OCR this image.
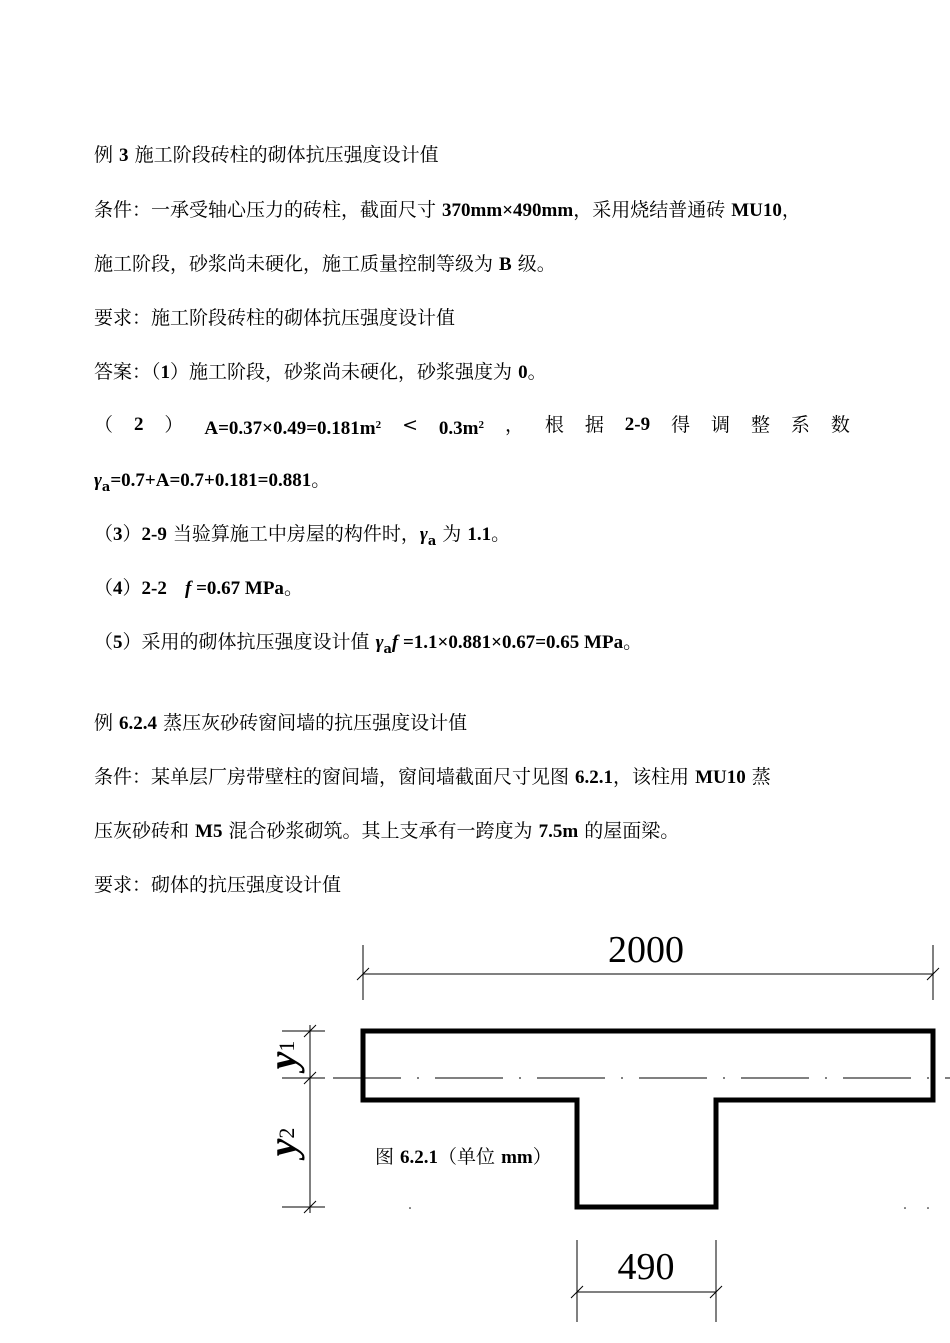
例 3 施工阶段砖柱的砌体抗压强度设计值
条件：一承受轴心压力的砖柱，截面尺寸 370mm×490mm，采用烧结普通砖 MU10，
施工阶段，砂浆尚未硬化，施工质量控制等级为 B 级。
要求：施工阶段砖柱的砌体抗压强度设计值
答案：（1）施工阶段，砂浆尚未硬化，砂浆强度为 0。
（ 2 ） $A=0.37\times 0.49=0.181m^2 < 0.3m^2$ ， 根 据 2-9 得 调 整 系 数
$\gamma_a=0.7+A=0.7+0.181=0.881$。
（3）2-9 当验算施工中房屋的构件时，$\gamma_a$ 为 1.1。
（4）2-2 f =0.67 MPa。
（5）采用的砌体抗压强度设计值 $\gamma_af =1.1\times 0.881\times 0.67=0.65$ MPa。
例 6.2.4 蒸压灰砂砖窗间墙的抗压强度设计值
条件：某单层厂房带壁柱的窗间墙，窗间墙截面尺寸见图 6.2.1，该柱用 MU10 蒸
压灰砂砖和 M5 混合砂浆砌筑。其上支承有一跨度为 7.5m 的屋面梁。
要求：砌体的抗压强度设计值
2000
y1
y2
490
图 6.2.1（单位 mm）
